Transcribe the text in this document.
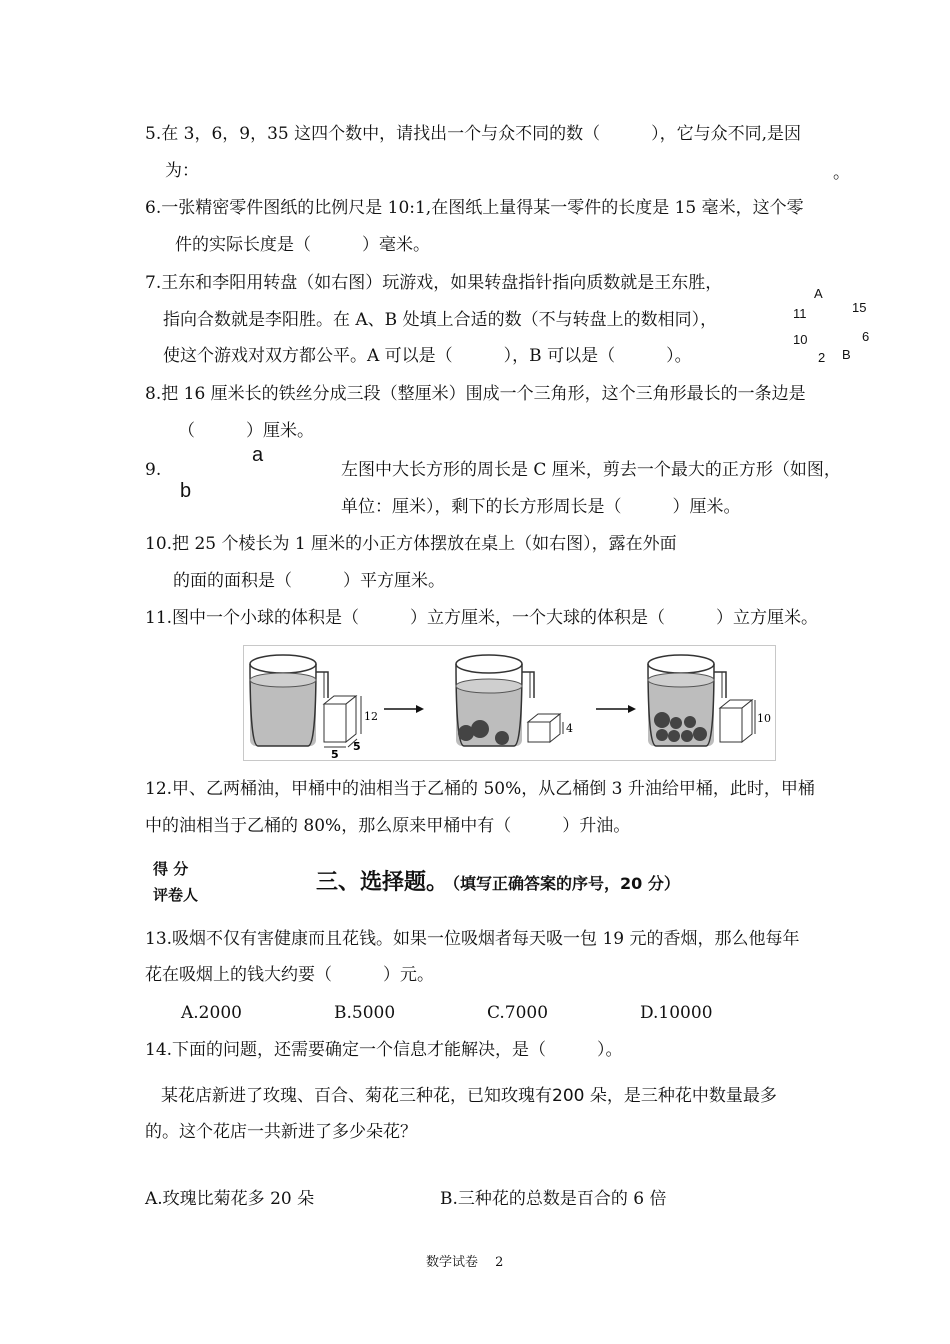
5.在 3，6，9，35 这四个数中，请找出一个与众不同的数（　　　），它与众不同,是因
为：	。
6.一张精密零件图纸的比例尺是 10:1,在图纸上量得某一零件的长度是 15 毫米，这个零
件的实际长度是（　　　）毫米。
7.王东和李阳用转盘（如右图）玩游戏，如果转盘指针指向质数就是王东胜，
指向合数就是李阳胜。在 A、B 处填上合适的数（不与转盘上的数相同），
使这个游戏对双方都公平。A 可以是（　　　），B 可以是（　　　）。
A
15
11
6
10
2 B
8.把 16 厘米长的铁丝分成三段（整厘米）围成一个三角形，这个三角形最长的一条边是
（　　　）厘米。
9.
a
b
左图中大长方形的周长是 C 厘米，剪去一个最大的正方形（如图，
单位：厘米），剩下的长方形周长是（　　　）厘米。
10.把 25 个棱长为 1 厘米的小正方体摆放在桌上（如右图），露在外面
的面的面积是（　　　）平方厘米。
11.图中一个小球的体积是（　　　）立方厘米，一个大球的体积是（　　　）立方厘米。
12
5
5
4
10
12.甲、乙两桶油，甲桶中的油相当于乙桶的 50%，从乙桶倒 3 升油给甲桶，此时，甲桶
中的油相当于乙桶的 80%，那么原来甲桶中有（　　　）升油。
得 分
评卷人	三、选择题。
（填写正确答案的序号，20 分）
13.吸烟不仅有害健康而且花钱。如果一位吸烟者每天吸一包 19 元的香烟，那么他每年
花在吸烟上的钱大约要（　　　）元。
A.2000	B.5000	C.7000	D.10000
14.下面的问题，还需要确定一个信息才能解决，是（　　　）。
某花店新进了玫瑰、百合、菊花三种花，已知玫瑰有200 朵，是三种花中数量最多
的。这个花店一共新进了多少朵花？
A.玫瑰比菊花多 20 朵	B.三种花的总数是百合的 6 倍
数学试卷　 2
